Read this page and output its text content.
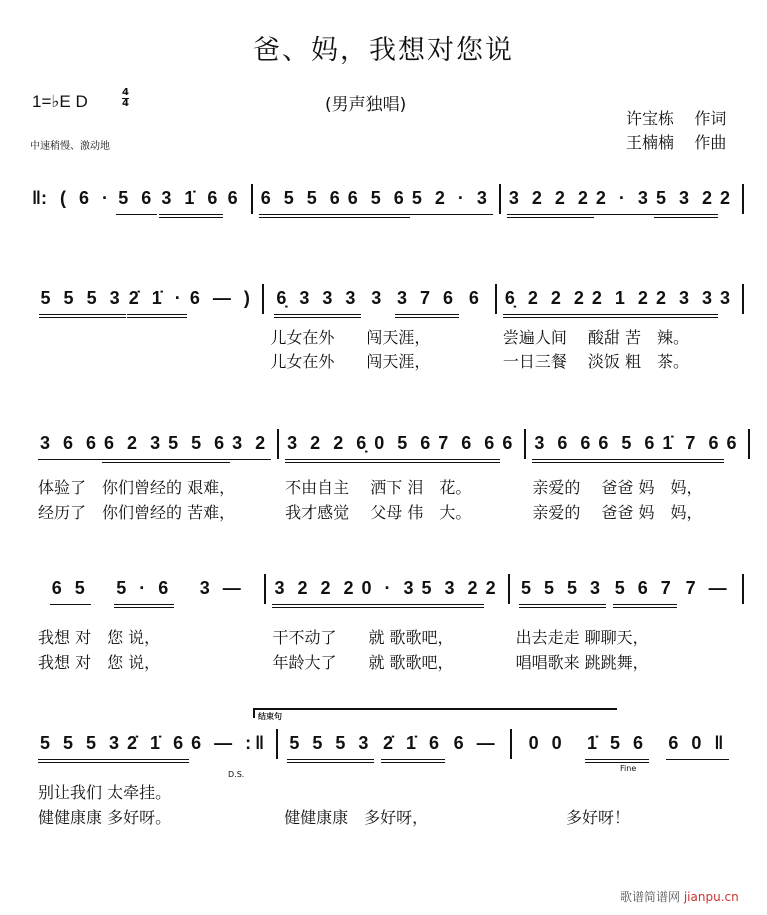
爸、妈，我想对您说
1=♭E D	4
4	(男声独唱)
中速稍慢、激动地
许宝栋 作词
王楠楠 作曲
‖: ( 6 · 5 6 3 1̇ 6 6 6 5 5 6 6 5 6 5 2 · 3 3 2 2 2 2 · 3 5 3 2 2
5 5 5 3 2̇ 1̇ · 6 — ) 6̣ 3 3 3 3 3 7 6 6
儿女在外　　闯天涯，
儿女在外　　闯天涯，
6̣ 2 2 2 2 1 2 2 3 3 3
尝遍人间　 酸甜 苦　辣。
一日三餐　 淡饭 粗　茶。
3 6 6 6 2 3 5 5 6 3 2
体验了　你们曾经的 艰难，
经历了　你们曾经的 苦难，
3 2 2 6̣ 0 5 6 7 6 6 6
不由自主　 洒下 泪　花。
我才感觉　 父母 伟　大。
3 6 6 6 5 6 1̇ 7 6 6
亲爱的　 爸爸 妈　妈，
亲爱的　 爸爸 妈　妈，
6 5 5 · 6 3 —
我想 对　您 说，
我想 对　您 说，
3 2 2 2 0 · 3 5 3 2 2
干不动了　　就 歌歌吧，
年龄大了　　就 歌歌吧，
5 5 5 3 5 6 7 7 —
出去走走 聊聊天，
唱唱歌来 跳跳舞，
5 5 5 3 2̇ 1̇ 6 6 — :‖
别让我们 太牵挂。
健健康康 多好呀。
5 5 5 3 2̇ 1̇ 6 6 —
健健康康　多好呀，
0 0 1̇ 5 6 6 0 ‖
　　　多好呀！
结束句
D.S.
Fine
歌谱简谱网 jianpu.cn
